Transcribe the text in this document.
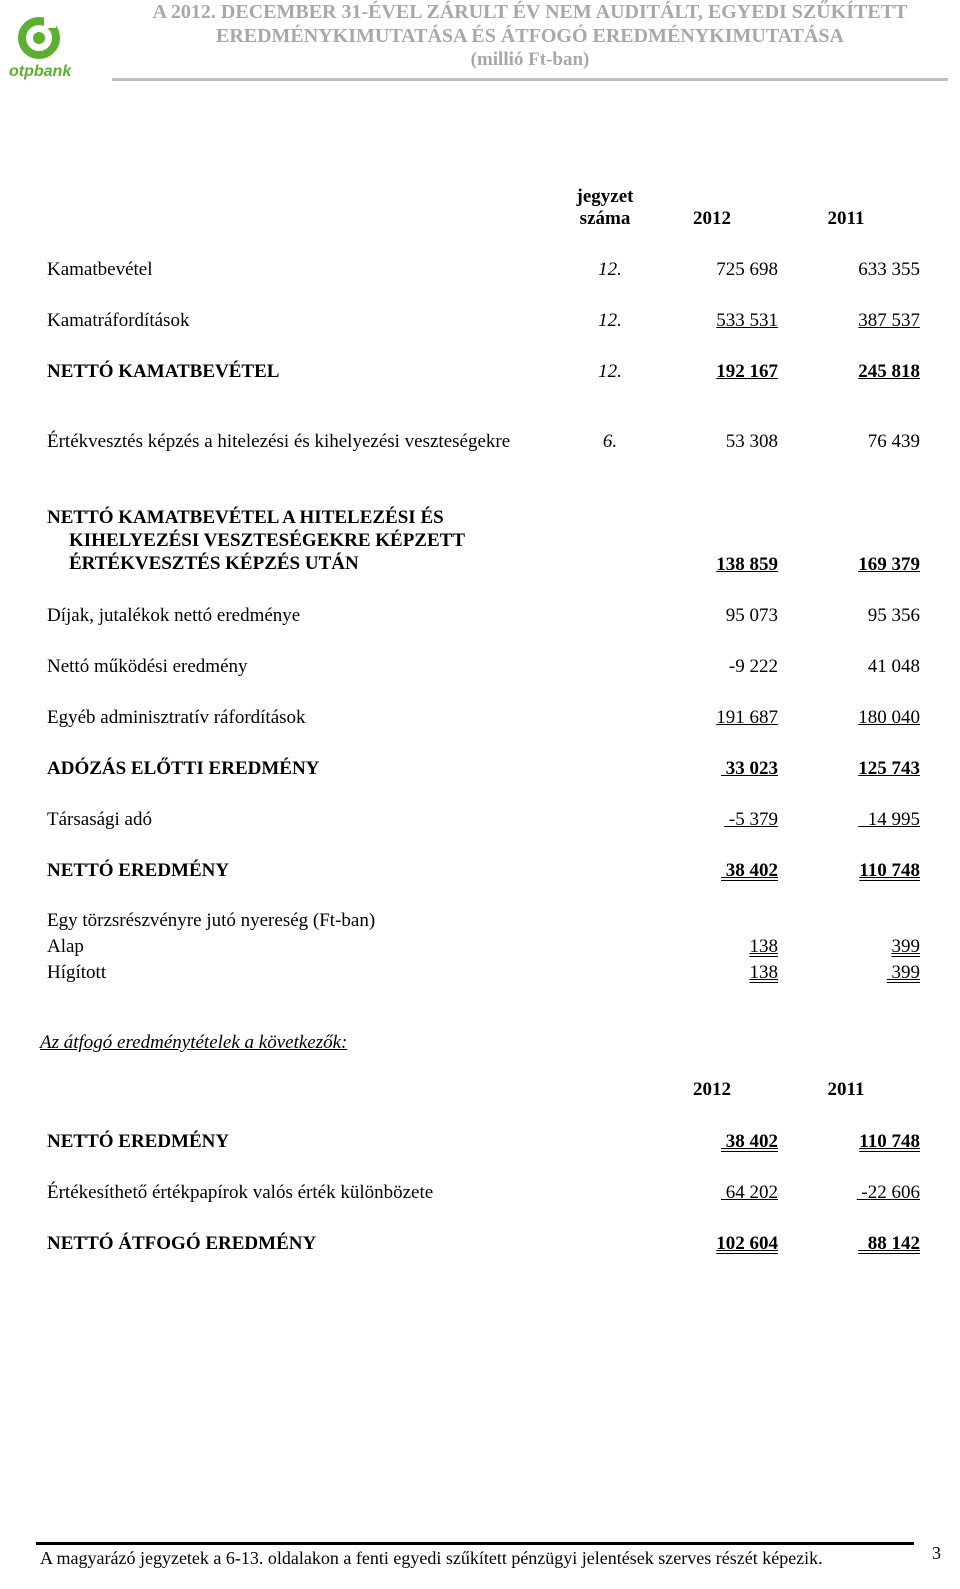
otpbank
A 2012. DECEMBER 31-ÉVEL ZÁRULT ÉV NEM AUDITÁLT, EGYEDI SZŰKÍTETT
EREDMÉNYKIMUTATÁSA ÉS ÁTFOGÓ EREDMÉNYKIMUTATÁSA
(millió Ft-ban)
jegyzet
száma	2012	2011
Kamatbevétel	12.	725 698	633 355
Kamatráfordítások	12.	533 531	387 537
NETTÓ KAMATBEVÉTEL	12.	192 167	245 818
Értékvesztés képzés a hitelezési és kihelyezési veszteségekre	6.	53 308	76 439
NETTÓ KAMATBEVÉTEL A HITELEZÉSI ÉS
KIHELYEZÉSI VESZTESÉGEKRE KÉPZETT
ÉRTÉKVESZTÉS KÉPZÉS UTÁN	138 859	169 379
Díjak, jutalékok nettó eredménye	95 073	95 356
Nettó működési eredmény	-9 222	41 048
Egyéb adminisztratív ráfordítások	191 687	180 040
ADÓZÁS ELŐTTI EREDMÉNY	33 023	125 743
Társasági adó	-5 379	14 995
NETTÓ EREDMÉNY	38 402	110 748
Egy törzsrészvényre jutó nyereség (Ft-ban)
Alap	138	399
Hígított	138	399
Az átfogó eredménytételek a következők:
2012	2011
NETTÓ EREDMÉNY	38 402	110 748
Értékesíthető értékpapírok valós érték különbözete	64 202	-22 606
NETTÓ ÁTFOGÓ EREDMÉNY	102 604	88 142
A magyarázó jegyzetek a 6-13. oldalakon a fenti egyedi szűkített pénzügyi jelentések szerves részét képezik.	3
